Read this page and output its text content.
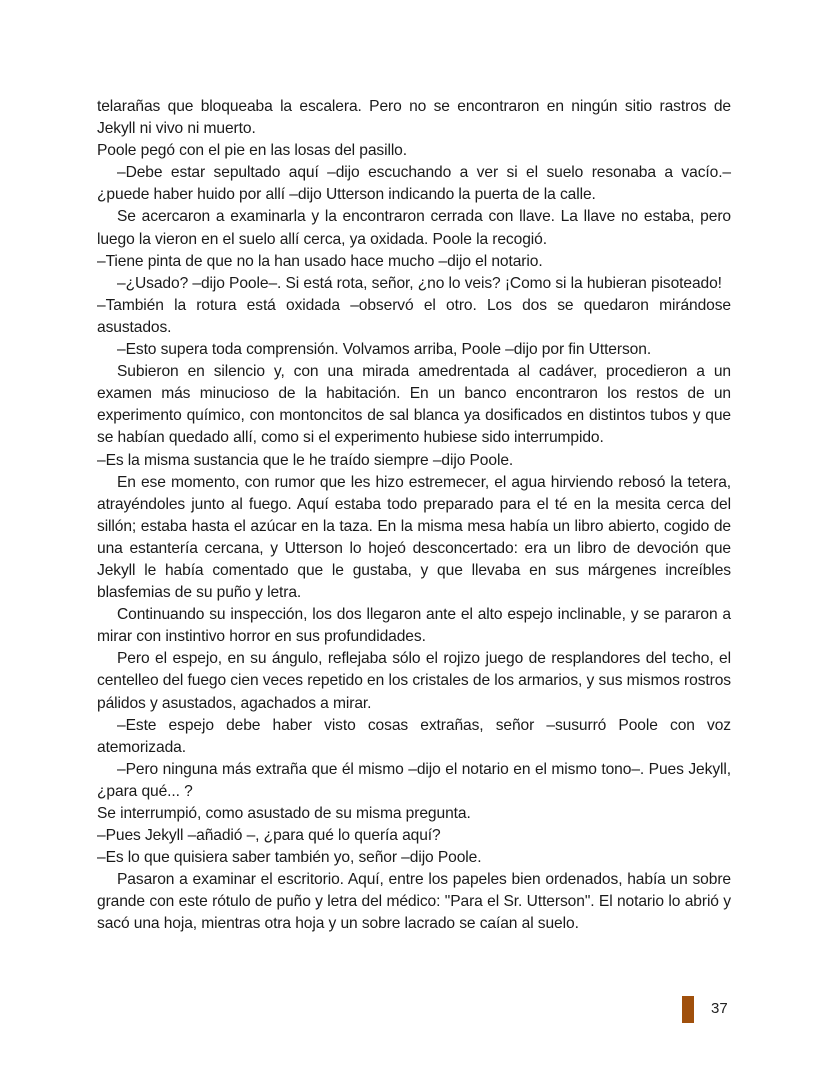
telarañas que bloqueaba la escalera. Pero no se encontraron en ningún sitio rastros de Jekyll ni vivo ni muerto.

Poole pegó con el pie en las losas del pasillo.

–Debe estar sepultado aquí –dijo escuchando a ver si el suelo resonaba a vacío.– ¿puede haber huido por allí –dijo Utterson indicando la puerta de la calle.

Se acercaron a examinarla y la encontraron cerrada con llave. La llave no estaba, pero luego la vieron en el suelo allí cerca, ya oxidada. Poole la recogió.

–Tiene pinta de que no la han usado hace mucho –dijo el notario.

–¿Usado? –dijo Poole–. Si está rota, señor, ¿no lo veis? ¡Como si la hubieran pisoteado!

–También la rotura está oxidada –observó el otro. Los dos se quedaron mirándose asustados.

–Esto supera toda comprensión. Volvamos arriba, Poole –dijo por fin Utterson.

Subieron en silencio y, con una mirada amedrentada al cadáver, procedieron a un examen más minucioso de la habitación. En un banco encontraron los restos de un experimento químico, con montoncitos de sal blanca ya dosificados en distintos tubos y que se habían quedado allí, como si el experimento hubiese sido interrumpido.

–Es la misma sustancia que le he traído siempre –dijo Poole.

En ese momento, con rumor que les hizo estremecer, el agua hirviendo rebosó la tetera, atrayéndoles junto al fuego. Aquí estaba todo preparado para el té en la mesita cerca del sillón; estaba hasta el azúcar en la taza. En la misma mesa había un libro abierto, cogido de una estantería cercana, y Utterson lo hojeó desconcertado: era un libro de devoción que Jekyll le había comentado que le gustaba, y que llevaba en sus márgenes increíbles blasfemias de su puño y letra.

Continuando su inspección, los dos llegaron ante el alto espejo inclinable, y se pararon a mirar con instintivo horror en sus profundidades.

Pero el espejo, en su ángulo, reflejaba sólo el rojizo juego de resplandores del techo, el centelleo del fuego cien veces repetido en los cristales de los armarios, y sus mismos rostros pálidos y asustados, agachados a mirar.

–Este espejo debe haber visto cosas extrañas, señor –susurró Poole con voz atemorizada.

–Pero ninguna más extraña que él mismo –dijo el notario en el mismo tono–. Pues Jekyll, ¿para qué... ?

Se interrumpió, como asustado de su misma pregunta.

–Pues Jekyll –añadió –, ¿para qué lo quería aquí?

–Es lo que quisiera saber también yo, señor –dijo Poole.

Pasaron a examinar el escritorio. Aquí, entre los papeles bien ordenados, había un sobre grande con este rótulo de puño y letra del médico: "Para el Sr. Utterson". El notario lo abrió y sacó una hoja, mientras otra hoja y un sobre lacrado se caían al suelo.

37
